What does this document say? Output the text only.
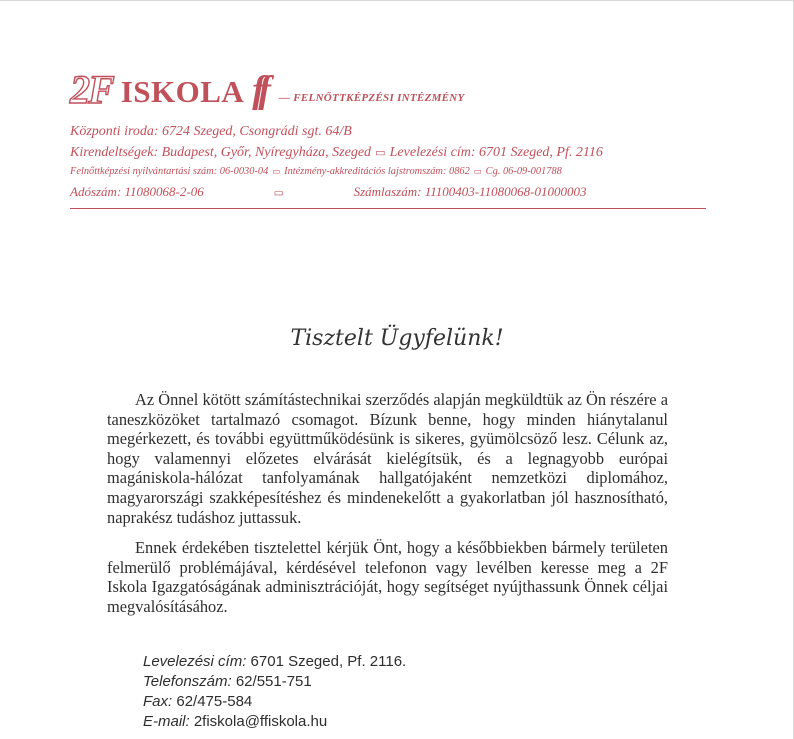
2F ISKOLA ff — FELNŐTTKÉPZÉSI INTÉZMÉNY
Központi iroda: 6724 Szeged, Csongrádi sgt. 64/B
Kirendeltségek: Budapest, Győr, Nyíregyháza, Szeged ▭ Levelezési cím: 6701 Szeged, Pf. 2116
Felnőttképzési nyilvántartási szám: 06-0030-04 ▭ Intézmény-akkreditációs lajstromszám: 0862 ▭ Cg. 06-09-001788
Adószám: 11080068-2-06	▭	Számlaszám: 11100403-11080068-01000003
Tisztelt Ügyfelünk!
Az Önnel kötött számítástechnikai szerződés alapján megküldtük az Ön részére a taneszközöket tartalmazó csomagot. Bízunk benne, hogy minden hiánytalanul megérkezett, és további együttműködésünk is sikeres, gyümölcsöző lesz. Célunk az, hogy valamennyi előzetes elvárását kielégítsük, és a legnagyobb európai magániskola-hálózat tanfolyamának hallgatójaként nemzetközi diplomához, magyarországi szakképesítéshez és mindenekelőtt a gyakorlatban jól hasznosítható, naprakész tudáshoz juttassuk.
Ennek érdekében tisztelettel kérjük Önt, hogy a későbbiekben bármely területen felmerülő problémájával, kérdésével telefonon vagy levélben keresse meg a 2F Iskola Igazgatóságának adminisztrációját, hogy segítséget nyújthassunk Önnek céljai megvalósításához.
Levelezési cím: 6701 Szeged, Pf. 2116.
Telefonszám: 62/551-751
Fax: 62/475-584
E-mail: 2fiskola@ffiskola.hu
